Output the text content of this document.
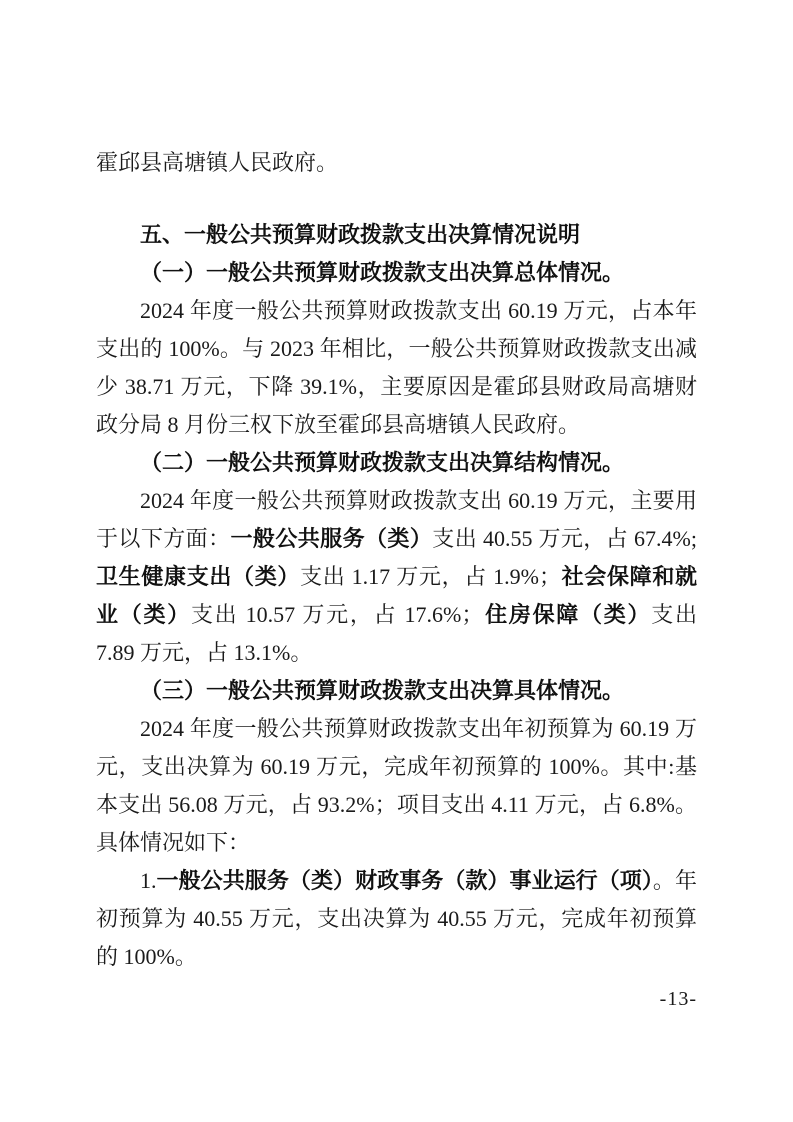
霍邱县高塘镇人民政府。

五、一般公共预算财政拨款支出决算情况说明
（一）一般公共预算财政拨款支出决算总体情况。

2024 年度一般公共预算财政拨款支出 60.19 万元，占本年支出的 100%。与 2023 年相比，一般公共预算财政拨款支出减少 38.71 万元，下降 39.1%，主要原因是霍邱县财政局高塘财政分局 8 月份三权下放至霍邱县高塘镇人民政府。

（二）一般公共预算财政拨款支出决算结构情况。

2024 年度一般公共预算财政拨款支出 60.19 万元，主要用于以下方面：一般公共服务（类）支出 40.55 万元，占 67.4%;卫生健康支出（类）支出 1.17 万元，占 1.9%；社会保障和就业（类）支出 10.57 万元，占 17.6%；住房保障（类）支出 7.89 万元，占 13.1%。

（三）一般公共预算财政拨款支出决算具体情况。

2024 年度一般公共预算财政拨款支出年初预算为 60.19 万元，支出决算为 60.19 万元，完成年初预算的 100%。其中:基本支出 56.08 万元，占 93.2%；项目支出 4.11 万元，占 6.8%。具体情况如下：

1.一般公共服务（类）财政事务（款）事业运行（项）。年初预算为 40.55 万元，支出决算为 40.55 万元，完成年初预算的 100%。

-13-
